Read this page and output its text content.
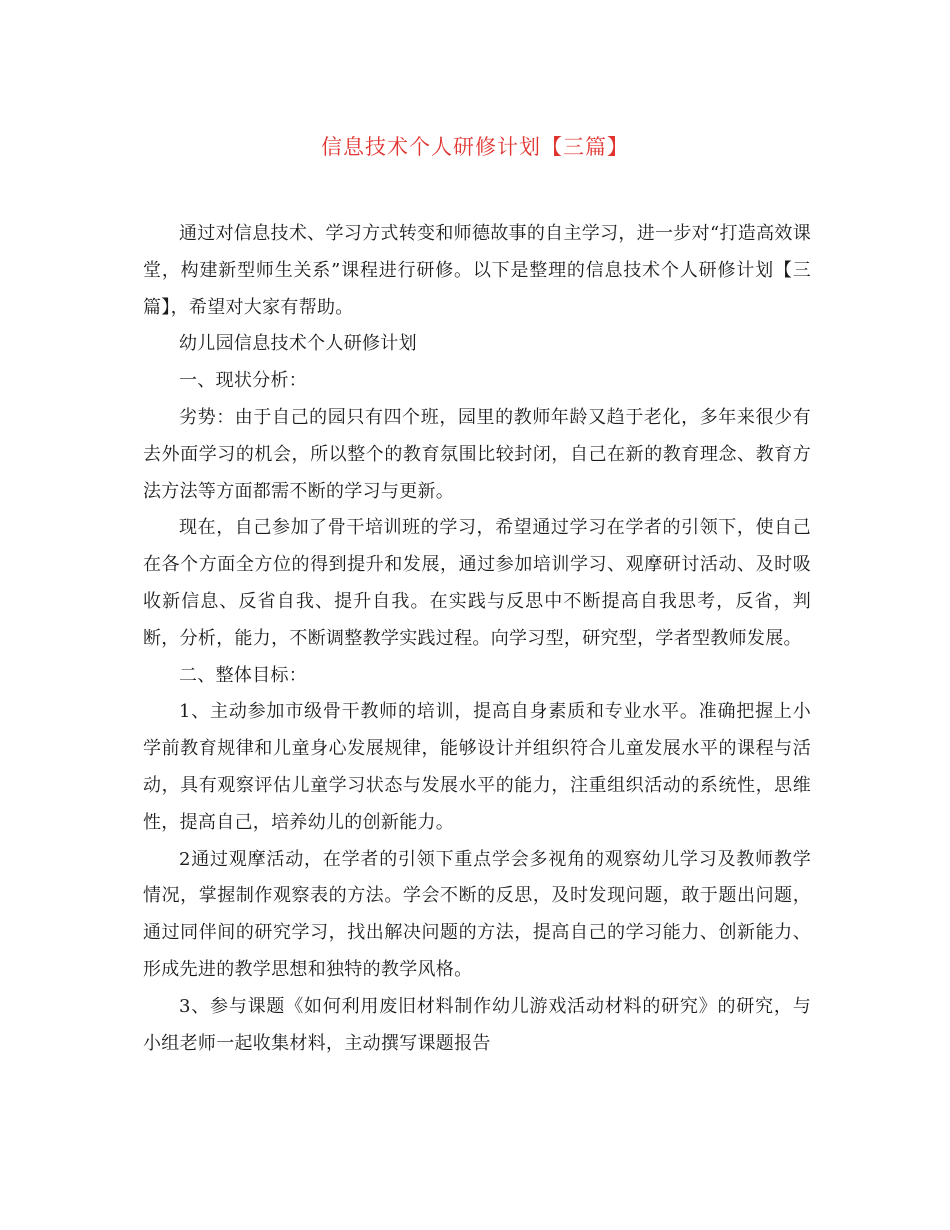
信息技术个人研修计划【三篇】

通过对信息技术、学习方式转变和师德故事的自主学习，进一步对“打造高效课堂，构建新型师生关系”课程进行研修。以下是整理的信息技术个人研修计划【三篇】，希望对大家有帮助。

幼儿园信息技术个人研修计划

一、现状分析：

劣势：由于自己的园只有四个班，园里的教师年龄又趋于老化，多年来很少有去外面学习的机会，所以整个的教育氛围比较封闭，自己在新的教育理念、教育方法方法等方面都需不断的学习与更新。

现在，自己参加了骨干培训班的学习，希望通过学习在学者的引领下，使自己在各个方面全方位的得到提升和发展，通过参加培训学习、观摩研讨活动、及时吸收新信息、反省自我、提升自我。在实践与反思中不断提高自我思考，反省，判断，分析，能力，不断调整教学实践过程。向学习型，研究型，学者型教师发展。

二、整体目标：

1、主动参加市级骨干教师的培训，提高自身素质和专业水平。准确把握上小学前教育规律和儿童身心发展规律，能够设计并组织符合儿童发展水平的课程与活动，具有观察评估儿童学习状态与发展水平的能力，注重组织活动的系统性，思维性，提高自己，培养幼儿的创新能力。

2通过观摩活动，在学者的引领下重点学会多视角的观察幼儿学习及教师教学情况，掌握制作观察表的方法。学会不断的反思，及时发现问题，敢于题出问题，通过同伴间的研究学习，找出解决问题的方法，提高自己的学习能力、创新能力、形成先进的教学思想和独特的教学风格。

3、参与课题《如何利用废旧材料制作幼儿游戏活动材料的研究》的研究，与小组老师一起收集材料，主动撰写课题报告
